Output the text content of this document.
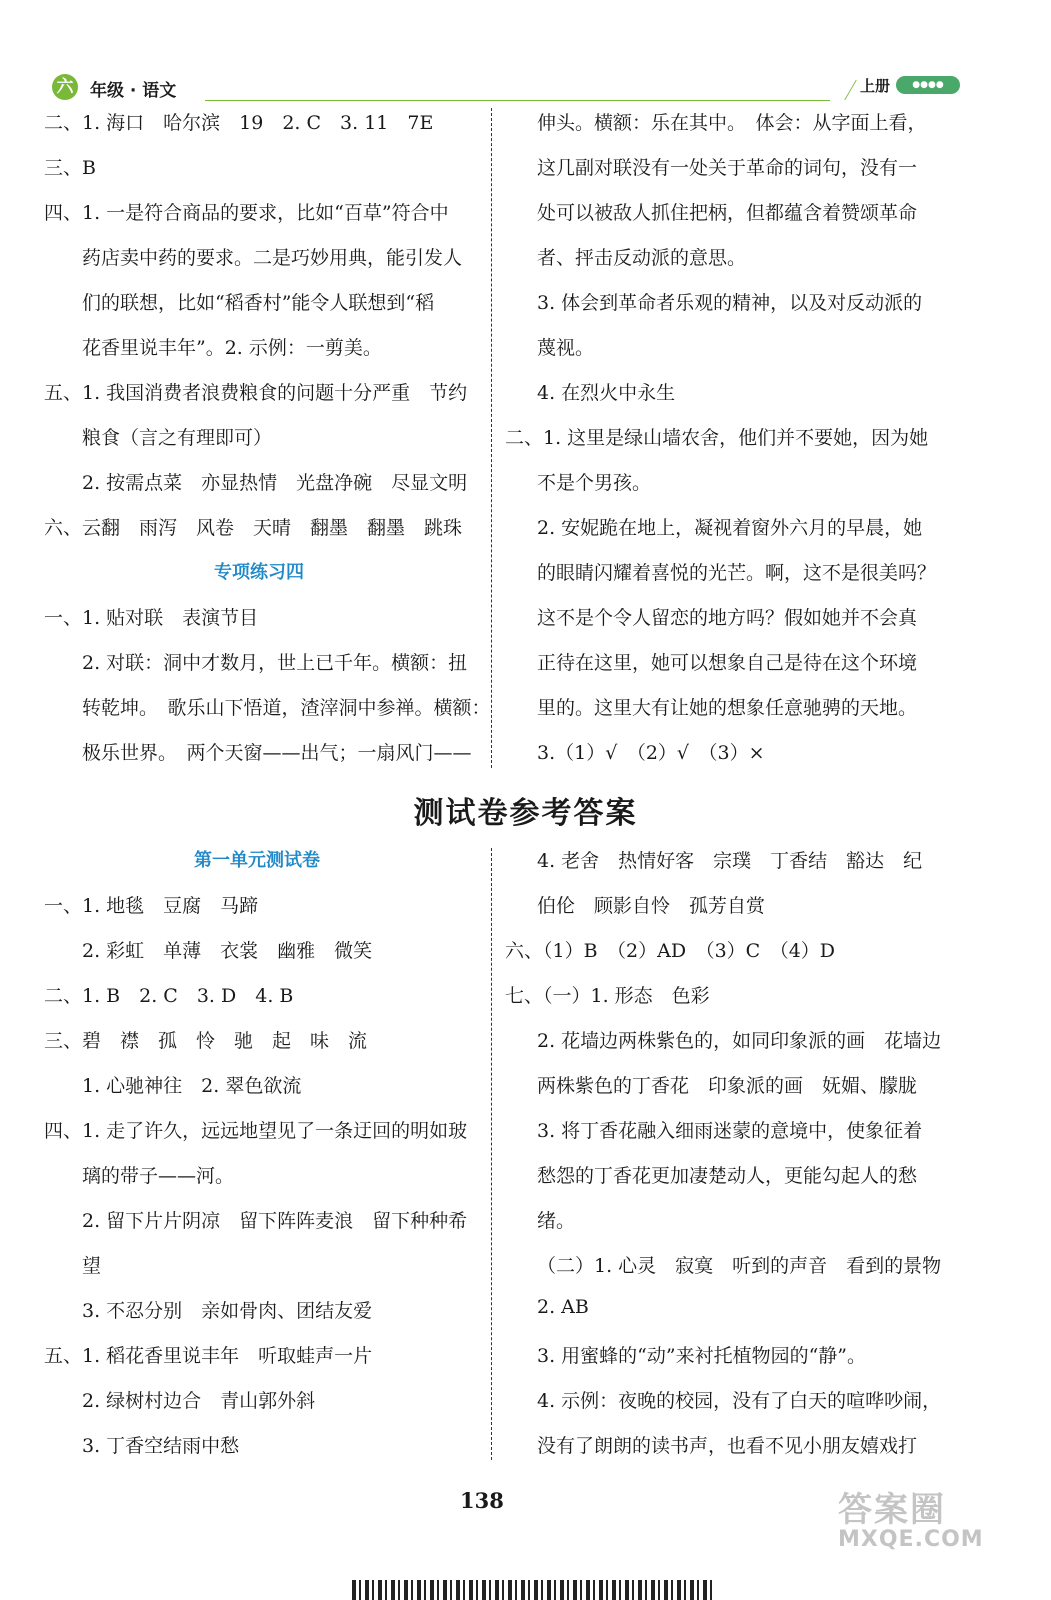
六 年级 · 语文	上册	●●●●
二、1. 海口　哈尔滨　19　2. C　3. 11　7E
三、B
四、1. 一是符合商品的要求，比如“百草”符合中
　　药店卖中药的要求。二是巧妙用典，能引发人
　　们的联想，比如“稻香村”能令人联想到“稻
　　花香里说丰年”。2. 示例：一剪美。
五、1. 我国消费者浪费粮食的问题十分严重　节约
　　粮食（言之有理即可）
　　2. 按需点菜　亦显热情　光盘净碗　尽显文明
六、云翻　雨泻　风卷　天晴　翻墨　翻墨　跳珠
专项练习四
一、1. 贴对联　表演节目
　　2. 对联：洞中才数月，世上已千年。横额：扭
　　转乾坤。　歌乐山下悟道，渣滓洞中参禅。横额：
　　极乐世界。　两个天窗——出气；一扇风门——
伸头。横额：乐在其中。　体会：从字面上看，
这几副对联没有一处关于革命的词句，没有一
处可以被敌人抓住把柄，但都蕴含着赞颂革命
者、抨击反动派的意思。
3. 体会到革命者乐观的精神，以及对反动派的
蔑视。
4. 在烈火中永生
二、1. 这里是绿山墙农舍，他们并不要她，因为她
不是个男孩。
2. 安妮跪在地上，凝视着窗外六月的早晨，她
的眼睛闪耀着喜悦的光芒。啊，这不是很美吗？
这不是个令人留恋的地方吗？假如她并不会真
正待在这里，她可以想象自己是待在这个环境
里的。这里大有让她的想象任意驰骋的天地。
3.（1）√　（2）√　（3）×
测试卷参考答案
第一单元测试卷
一、1. 地毯　豆腐　马蹄
　　2. 彩虹　单薄　衣裳　幽雅　微笑
二、1. B　2. C　3. D　4. B
三、碧　襟　孤　怜　驰　起　味　流
　　1. 心驰神往　2. 翠色欲流
四、1. 走了许久，远远地望见了一条迂回的明如玻
　　璃的带子——河。
　　2. 留下片片阴凉　留下阵阵麦浪　留下种种希
　　望
　　3. 不忍分别　亲如骨肉、团结友爱
五、1. 稻花香里说丰年　听取蛙声一片
　　2. 绿树村边合　青山郭外斜
　　3. 丁香空结雨中愁
4. 老舍　热情好客　宗璞　丁香结　豁达　纪
伯伦　顾影自怜　孤芳自赏
六、（1）B　（2）AD　（3）C　（4）D
七、（一）1. 形态　色彩
2. 花墙边两株紫色的，如同印象派的画　花墙边
两株紫色的丁香花　印象派的画　妩媚、朦胧
3. 将丁香花融入细雨迷蒙的意境中，使象征着
愁怨的丁香花更加凄楚动人，更能勾起人的愁
绪。
（二）1. 心灵　寂寞　听到的声音　看到的景物
2. AB
3. 用蜜蜂的“动”来衬托植物园的“静”。
4. 示例：夜晚的校园，没有了白天的喧哗吵闹，
没有了朗朗的读书声，也看不见小朋友嬉戏打
138	答案圈
MXQE.COM
